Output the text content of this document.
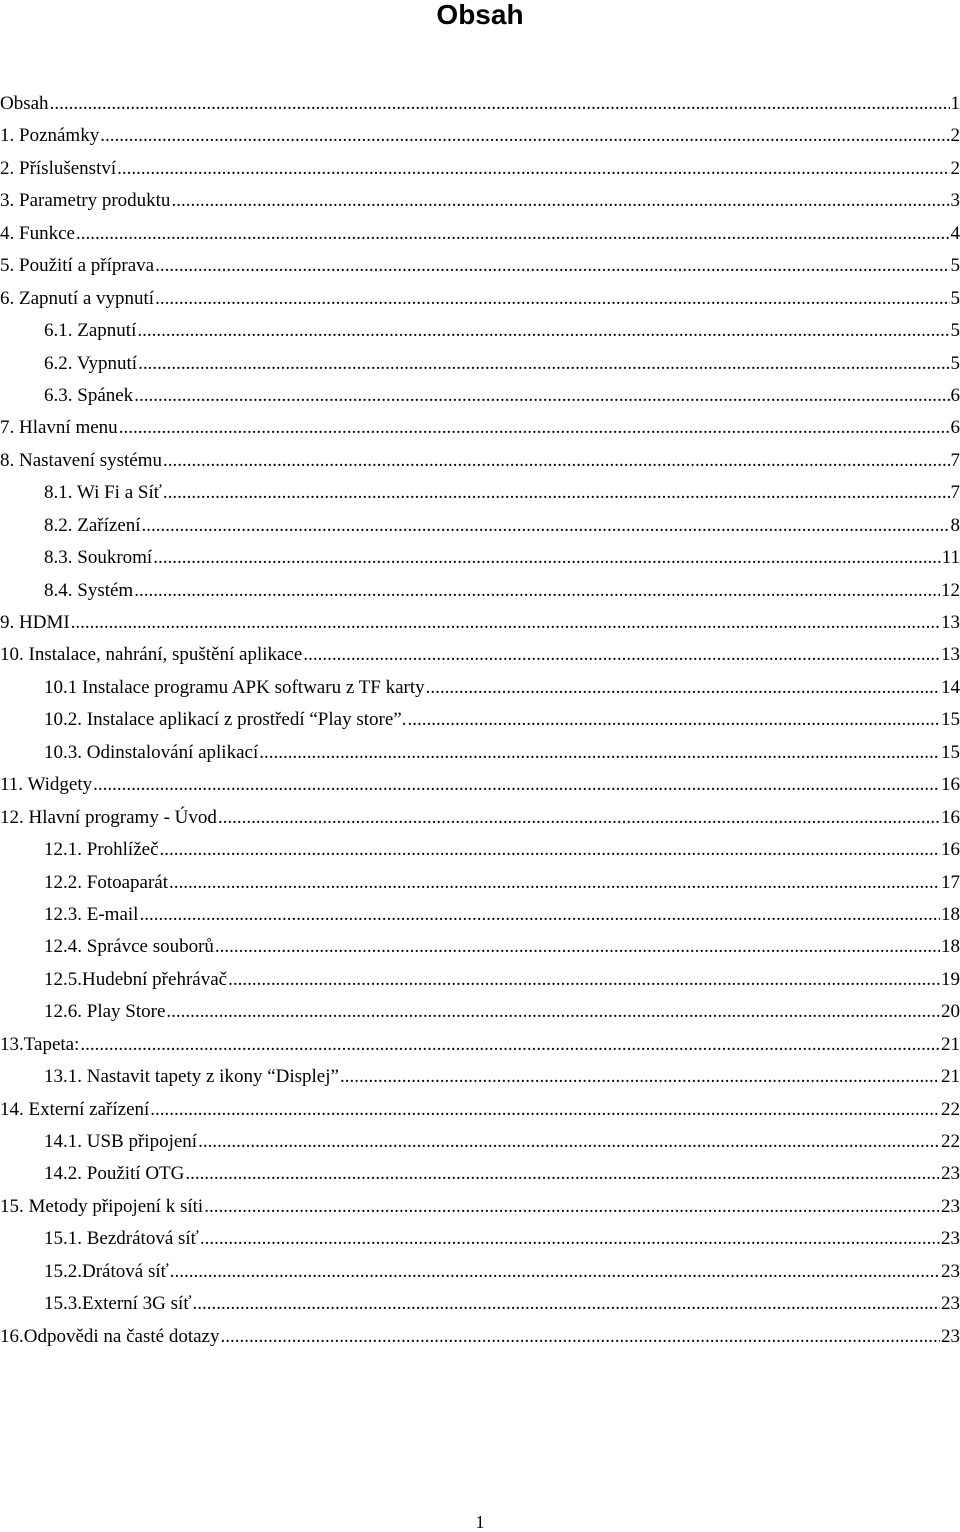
Obsah
Obsah .....	1
1. Poznámky .....	2
2. Příslušenství .....	2
3. Parametry produktu .....	3
4. Funkce .....	4
5. Použití a příprava .....	5
6. Zapnutí a vypnutí .....	5
6.1. Zapnutí .....	5
6.2. Vypnutí .....	5
6.3. Spánek .....	6
7. Hlavní menu .....	6
8. Nastavení systému .....	7
8.1. Wi Fi a Síť .....	7
8.2. Zařízení .....	8
8.3. Soukromí .....	11
8.4. Systém .....	12
9. HDMI .....	13
10. Instalace, nahrání, spuštění aplikace .....	13
10.1 Instalace programu APK softwaru z TF karty .....	14
10.2. Instalace aplikací z prostředí “Play store”. .....	15
10.3. Odinstalování aplikací .....	15
11. Widgety .....	16
12. Hlavní programy - Úvod .....	16
12.1. Prohlížeč .....	16
12.2. Fotoaparát .....	17
12.3. E-mail .....	18
12.4. Správce souborů .....	18
12.5.Hudební přehrávač .....	19
12.6. Play Store .....	20
13.Tapeta: .....	21
13.1. Nastavit tapety z ikony “Displej” .....	21
14. Externí zařízení .....	22
14.1. USB připojení .....	22
14.2. Použití OTG .....	23
15. Metody připojení k síti .....	23
15.1. Bezdrátová síť .....	23
15.2.Drátová síť .....	23
15.3.Externí 3G síť .....	23
16.Odpovědi na časté dotazy .....	23
1
